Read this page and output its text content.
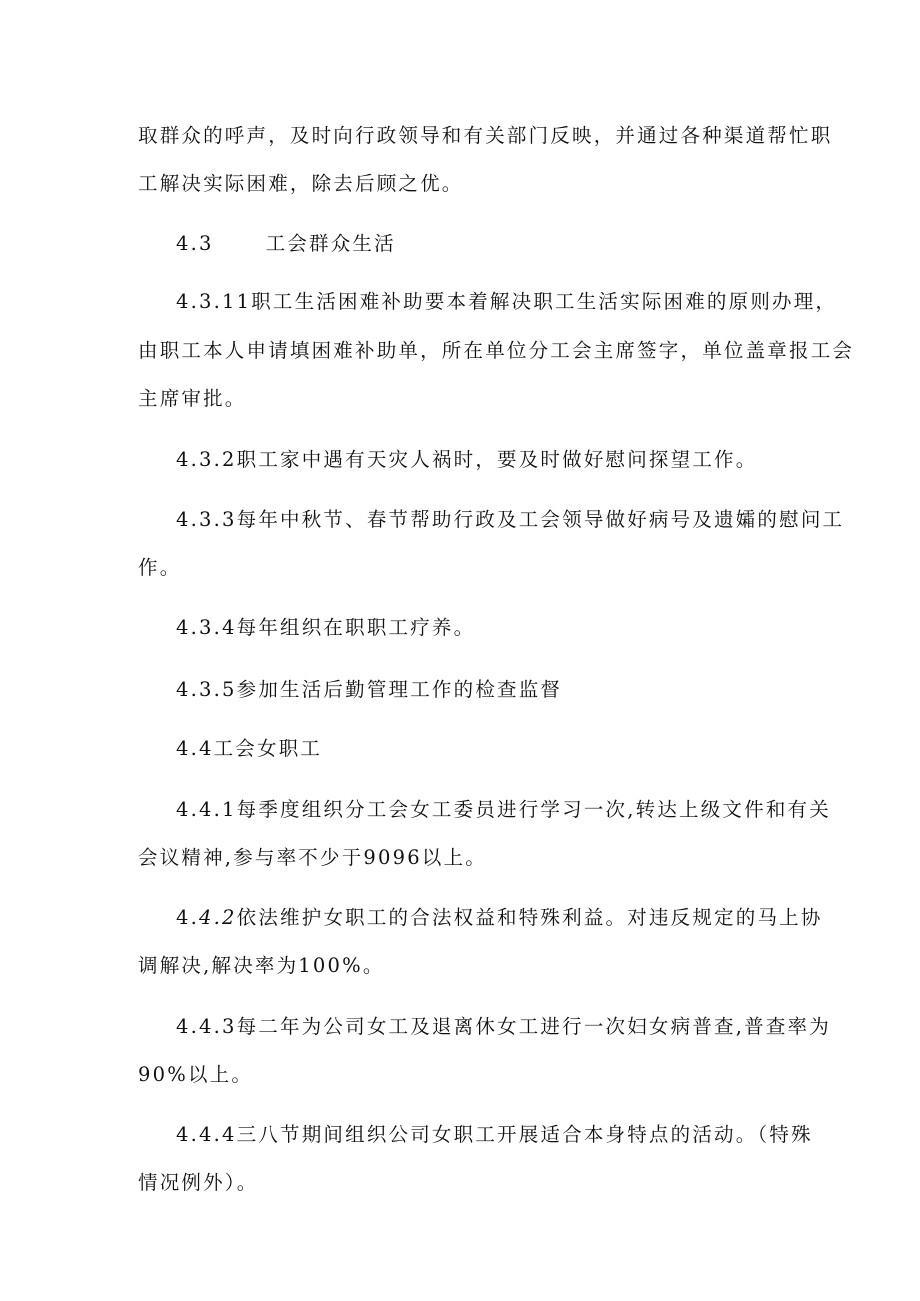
取群众的呼声，及时向行政领导和有关部门反映，并通过各种渠道帮忙职
工解决实际困难，除去后顾之优。
4.3	工会群众生活
4.3.11职工生活困难补助要本着解决职工生活实际困难的原则办理，
由职工本人申请填困难补助单，所在单位分工会主席签字，单位盖章报工会
主席审批。
4.3.2职工家中遇有天灾人祸时，要及时做好慰问探望工作。
4.3.3每年中秋节、春节帮助行政及工会领导做好病号及遗孀的慰问工
作。
4.3.4每年组织在职职工疗养。
4.3.5参加生活后勤管理工作的检查监督
4.4工会女职工
4.4.1每季度组织分工会女工委员进行学习一次,转达上级文件和有关
会议精神,参与率不少于9096以上。
4.4.2依法维护女职工的合法权益和特殊利益。对违反规定的马上协
调解决,解决率为100%。
4.4.3每二年为公司女工及退离休女工进行一次妇女病普查,普查率为
90%以上。
4.4.4三八节期间组织公司女职工开展适合本身特点的活动。（特殊
情况例外）。
